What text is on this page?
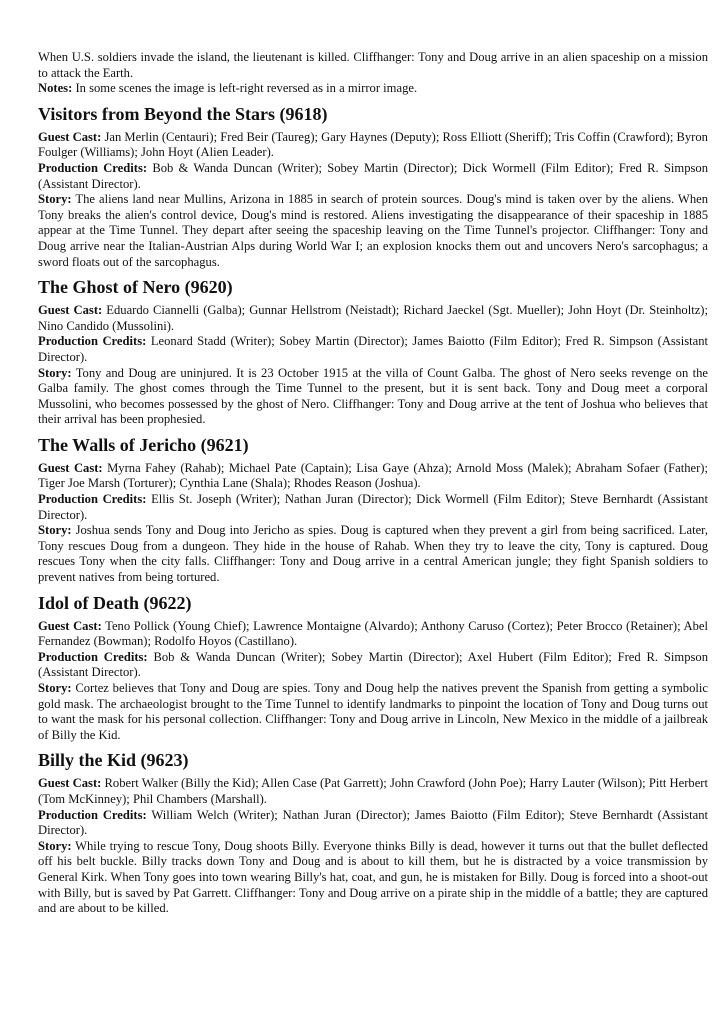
When U.S. soldiers invade the island, the lieutenant is killed. Cliffhanger: Tony and Doug arrive in an alien spaceship on a mission to attack the Earth.

Notes: In some scenes the image is left-right reversed as in a mirror image.

Visitors from Beyond the Stars (9618)

Guest Cast: Jan Merlin (Centauri); Fred Beir (Taureg); Gary Haynes (Deputy); Ross Elliott (Sheriff); Tris Coffin (Crawford); Byron Foulger (Williams); John Hoyt (Alien Leader).

Production Credits: Bob & Wanda Duncan (Writer); Sobey Martin (Director); Dick Wormell (Film Editor); Fred R. Simpson (Assistant Director).

Story: The aliens land near Mullins, Arizona in 1885 in search of protein sources. Doug's mind is taken over by the aliens. When Tony breaks the alien's control device, Doug's mind is restored. Aliens investigating the disappearance of their spaceship in 1885 appear at the Time Tunnel. They depart after seeing the spaceship leaving on the Time Tunnel's projector. Cliffhanger: Tony and Doug arrive near the Italian-Austrian Alps during World War I; an explosion knocks them out and uncovers Nero's sarcophagus; a sword floats out of the sarcophagus.

The Ghost of Nero (9620)

Guest Cast: Eduardo Ciannelli (Galba); Gunnar Hellstrom (Neistadt); Richard Jaeckel (Sgt. Mueller); John Hoyt (Dr. Steinholtz); Nino Candido (Mussolini).

Production Credits: Leonard Stadd (Writer); Sobey Martin (Director); James Baiotto (Film Editor); Fred R. Simpson (Assistant Director).

Story: Tony and Doug are uninjured. It is 23 October 1915 at the villa of Count Galba. The ghost of Nero seeks revenge on the Galba family. The ghost comes through the Time Tunnel to the present, but it is sent back. Tony and Doug meet a corporal Mussolini, who becomes possessed by the ghost of Nero. Cliffhanger: Tony and Doug arrive at the tent of Joshua who believes that their arrival has been prophesied.

The Walls of Jericho (9621)

Guest Cast: Myrna Fahey (Rahab); Michael Pate (Captain); Lisa Gaye (Ahza); Arnold Moss (Malek); Abraham Sofaer (Father); Tiger Joe Marsh (Torturer); Cynthia Lane (Shala); Rhodes Reason (Joshua).

Production Credits: Ellis St. Joseph (Writer); Nathan Juran (Director); Dick Wormell (Film Editor); Steve Bernhardt (Assistant Director).

Story: Joshua sends Tony and Doug into Jericho as spies. Doug is captured when they prevent a girl from being sacrificed. Later, Tony rescues Doug from a dungeon. They hide in the house of Rahab. When they try to leave the city, Tony is captured. Doug rescues Tony when the city falls. Cliffhanger: Tony and Doug arrive in a central American jungle; they fight Spanish soldiers to prevent natives from being tortured.

Idol of Death (9622)

Guest Cast: Teno Pollick (Young Chief); Lawrence Montaigne (Alvardo); Anthony Caruso (Cortez); Peter Brocco (Retainer); Abel Fernandez (Bowman); Rodolfo Hoyos (Castillano).

Production Credits: Bob & Wanda Duncan (Writer); Sobey Martin (Director); Axel Hubert (Film Editor); Fred R. Simpson (Assistant Director).

Story: Cortez believes that Tony and Doug are spies. Tony and Doug help the natives prevent the Spanish from getting a symbolic gold mask. The archaeologist brought to the Time Tunnel to identify landmarks to pinpoint the location of Tony and Doug turns out to want the mask for his personal collection. Cliffhanger: Tony and Doug arrive in Lincoln, New Mexico in the middle of a jailbreak of Billy the Kid.

Billy the Kid (9623)

Guest Cast: Robert Walker (Billy the Kid); Allen Case (Pat Garrett); John Crawford (John Poe); Harry Lauter (Wilson); Pitt Herbert (Tom McKinney); Phil Chambers (Marshall).

Production Credits: William Welch (Writer); Nathan Juran (Director); James Baiotto (Film Editor); Steve Bernhardt (Assistant Director).

Story: While trying to rescue Tony, Doug shoots Billy. Everyone thinks Billy is dead, however it turns out that the bullet deflected off his belt buckle. Billy tracks down Tony and Doug and is about to kill them, but he is distracted by a voice transmission by General Kirk. When Tony goes into town wearing Billy's hat, coat, and gun, he is mistaken for Billy. Doug is forced into a shoot-out with Billy, but is saved by Pat Garrett. Cliffhanger: Tony and Doug arrive on a pirate ship in the middle of a battle; they are captured and are about to be killed.
